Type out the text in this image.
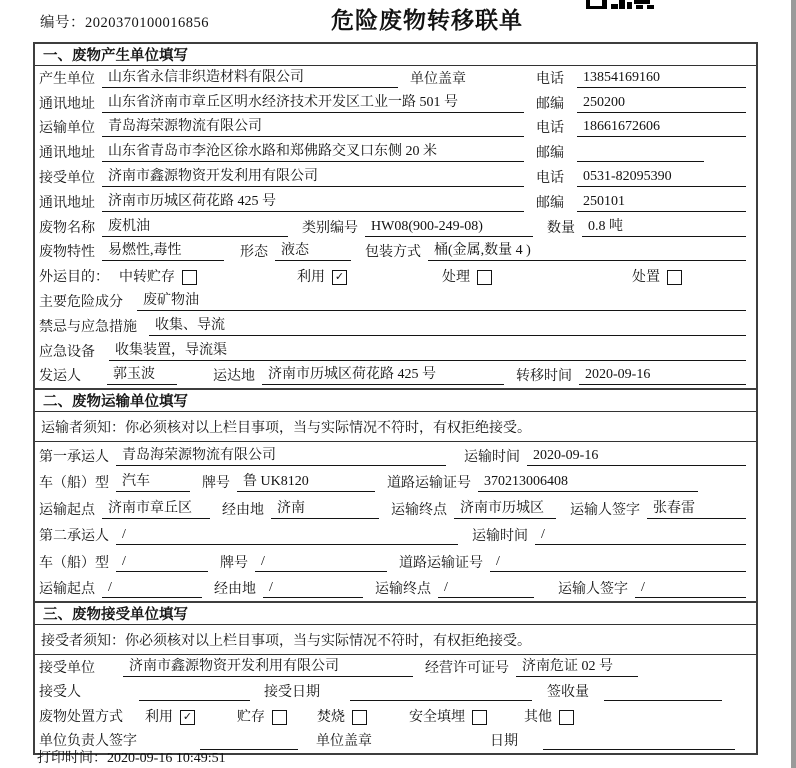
编号：2020370100016856	危险废物转移联单
一、废物产生单位填写
产生单位 山东省永信非织造材料有限公司	单位盖章	电话	13854169160
通讯地址 山东省济南市章丘区明水经济技术开发区工业一路 501 号	邮编	250200
运输单位 青岛海荣源物流有限公司	电话	18661672606
通讯地址 山东省青岛市李沧区徐水路和郑佛路交叉口东侧 20 米	邮编
接受单位 济南市鑫源物资开发利用有限公司	电话	0531-82095390
通讯地址 济南市历城区荷花路 425 号	邮编	250101
废物名称 废机油	类别编号 HW08(900-249-08)	数量 0.8 吨
废物特性 易燃性,毒性	形态 液态	包装方式 桶(金属,数量 4 )
外运目的： 中转贮存	利用 ✓	处理	处置
主要危险成分	废矿物油
禁忌与应急措施	收集、导流
应急设备	收集装置，导流渠
发运人	郭玉波	运达地 济南市历城区荷花路 425 号	转移时间 2020-09-16
二、废物运输单位填写
运输者须知：你必须核对以上栏目事项，当与实际情况不符时，有权拒绝接受。
第一承运人 青岛海荣源物流有限公司	运输时间 2020-09-16
车（船）型 汽车	牌号 鲁 UK8120	道路运输证号 370213006408
运输起点 济南市章丘区	经由地 济南	运输终点 济南市历城区	运输人签字 张春雷
第二承运人 /	运输时间 /
车（船）型 /	牌号 /	道路运输证号 /
运输起点 /	经由地 /	运输终点 /	运输人签字 /
三、废物接受单位填写
接受者须知：你必须核对以上栏目事项，当与实际情况不符时，有权拒绝接受。
接受单位	济南市鑫源物资开发利用有限公司	经营许可证号 济南危证 02 号
接受人	接受日期	签收量
废物处置方式 利用 ✓	贮存	焚烧	安全填埋	其他
单位负责人签字	单位盖章	日期
打印时间：2020-09-16 10:49:51
